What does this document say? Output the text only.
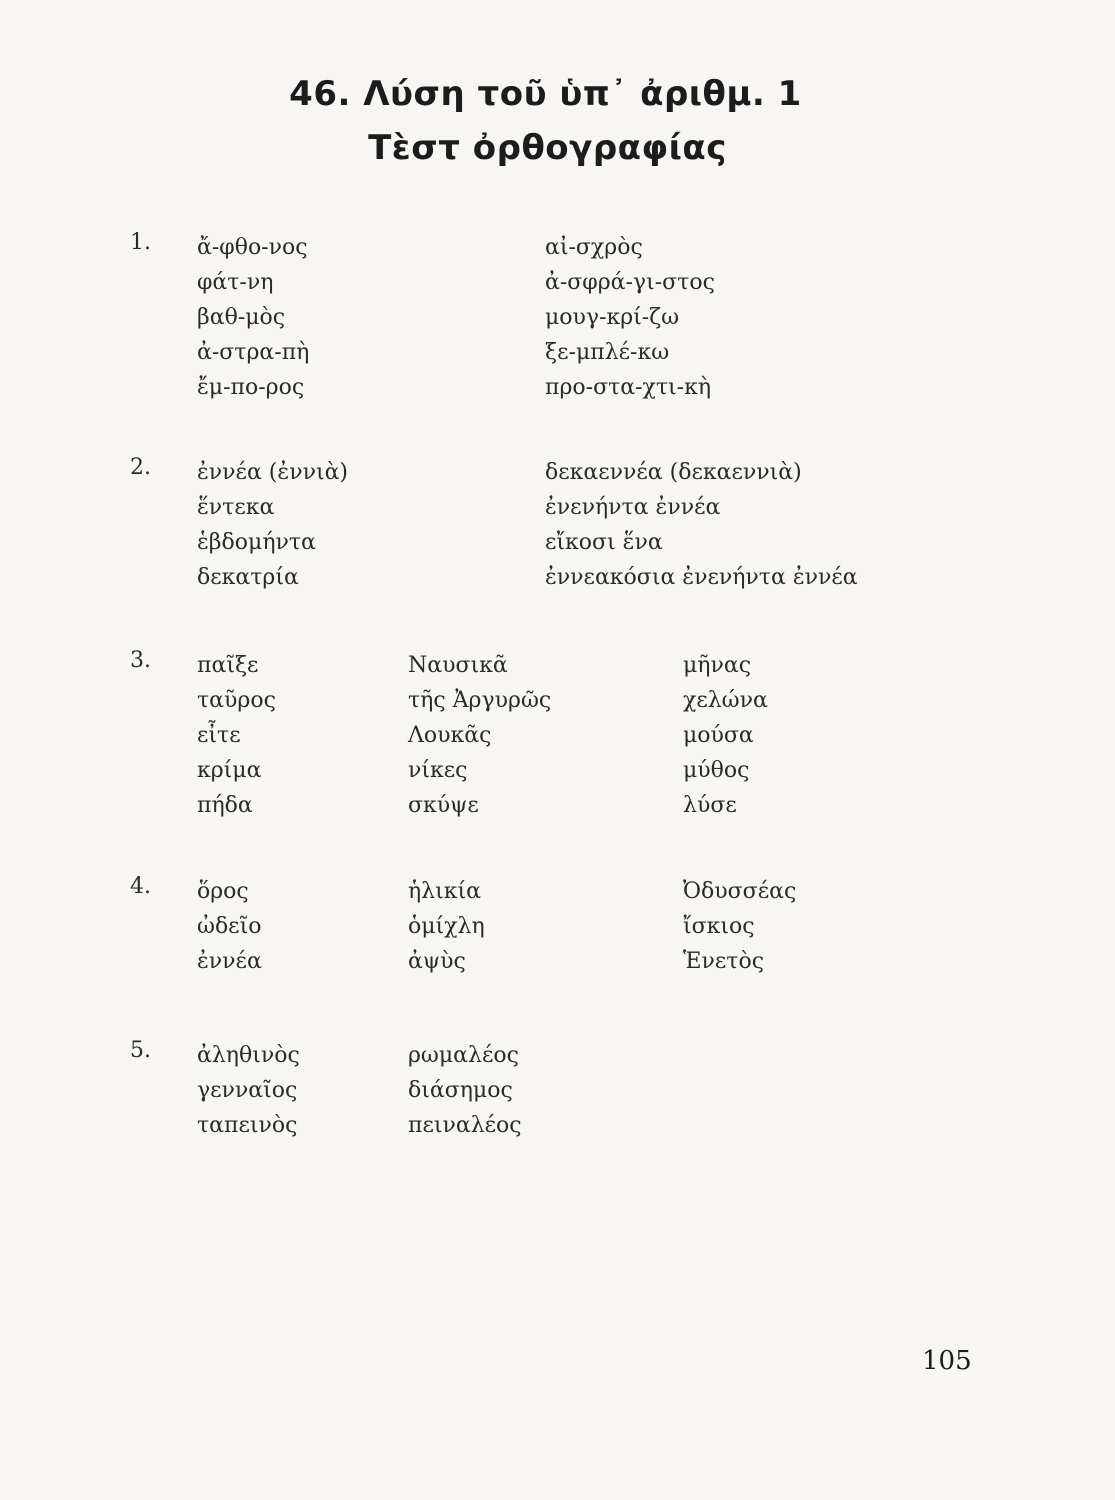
46. Λύση τοῦ ὑπ᾽ ἀριθμ. 1
Τὲστ ὀρθογραφίας
1. ἄ-φθο-νος
φάτ-νη
βαθ-μὸς
ἀ-στρα-πὴ
ἔμ-πο-ρος
αἰ-σχρὸς
ἀ-σφρά-γι-στος
μουγ-κρί-ζω
ξε-μπλέ-κω
προ-στα-χτι-κὴ
2. ἐννέα (ἐννιὰ)
ἕντεκα
ἑβδομήντα
δεκατρία
δεκαεννέα (δεκαεννιὰ)
ἐνενήντα ἐννέα
εἴκοσι ἕνα
ἐννεακόσια ἐνενήντα ἐννέα
3. παῖξε
ταῦρος
εἶτε
κρίμα
πήδα
Ναυσικᾶ
τῆς Ἀργυρῶς
Λουκᾶς
νίκες
σκύψε
μῆνας
χελώνα
μούσα
μύθος
λύσε
4. ὅρος
ὠδεῖο
ἐννέα
ἡλικία
ὁμίχλη
ἀψὺς
Ὀδυσσέας
ἴσκιος
Ἑνετὸς
5. ἀληθινὸς
γενναῖος
ταπεινὸς
ρωμαλέος
διάσημος
πειναλέος
105
